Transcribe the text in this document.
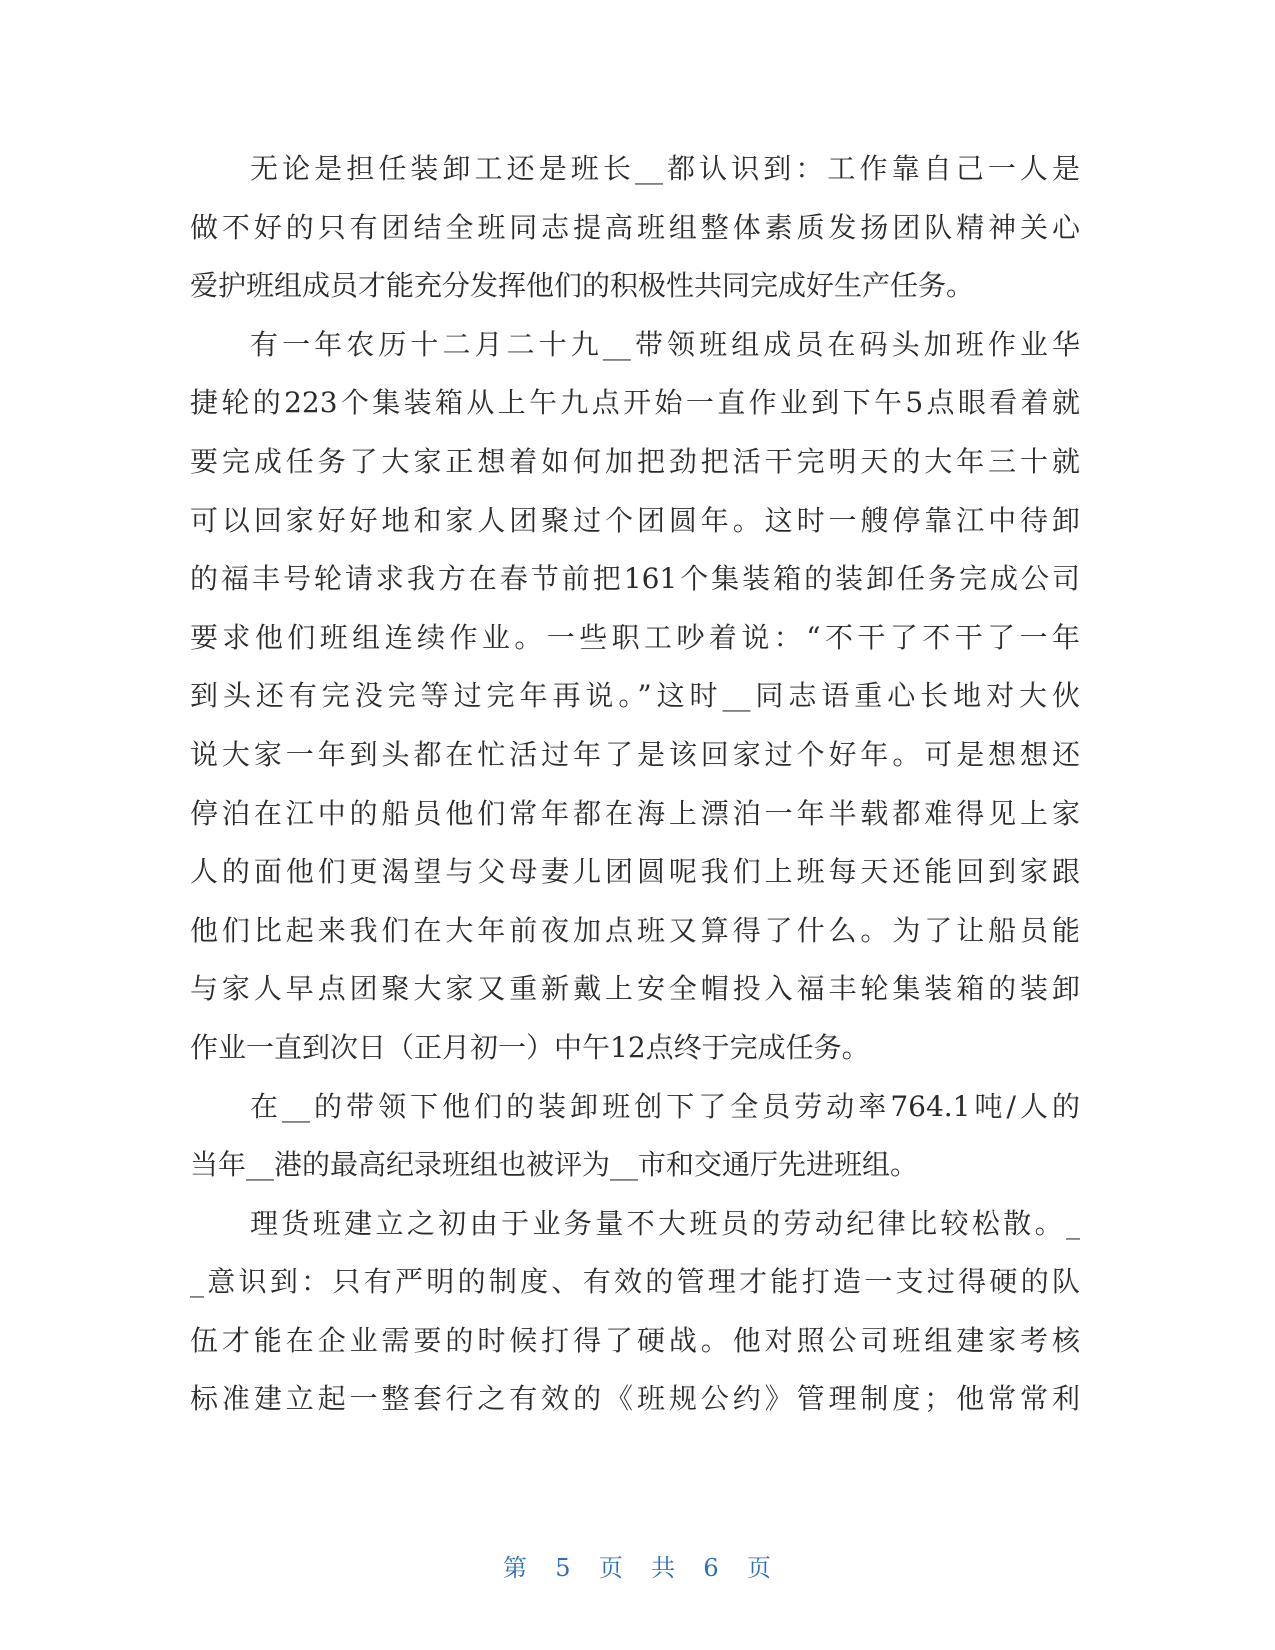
无论是担任装卸工还是班长__都认识到：工作靠自己一人是
做不好的只有团结全班同志提高班组整体素质发扬团队精神关心
爱护班组成员才能充分发挥他们的积极性共同完成好生产任务。
有一年农历十二月二十九__带领班组成员在码头加班作业华
捷轮的223个集装箱从上午九点开始一直作业到下午5点眼看着就
要完成任务了大家正想着如何加把劲把活干完明天的大年三十就
可以回家好好地和家人团聚过个团圆年。这时一艘停靠江中待卸
的福丰号轮请求我方在春节前把161个集装箱的装卸任务完成公司
要求他们班组连续作业。一些职工吵着说：“不干了不干了一年
到头还有完没完等过完年再说。”这时__同志语重心长地对大伙
说大家一年到头都在忙活过年了是该回家过个好年。可是想想还
停泊在江中的船员他们常年都在海上漂泊一年半载都难得见上家
人的面他们更渴望与父母妻儿团圆呢我们上班每天还能回到家跟
他们比起来我们在大年前夜加点班又算得了什么。为了让船员能
与家人早点团聚大家又重新戴上安全帽投入福丰轮集装箱的装卸
作业一直到次日（正月初一）中午12点终于完成任务。
在__的带领下他们的装卸班创下了全员劳动率764.1吨/人的
当年__港的最高纪录班组也被评为__市和交通厅先进班组。
理货班建立之初由于业务量不大班员的劳动纪律比较松散。_
_意识到：只有严明的制度、有效的管理才能打造一支过得硬的队
伍才能在企业需要的时候打得了硬战。他对照公司班组建家考核
标准建立起一整套行之有效的《班规公约》管理制度；他常常利
第 5 页 共 6 页
